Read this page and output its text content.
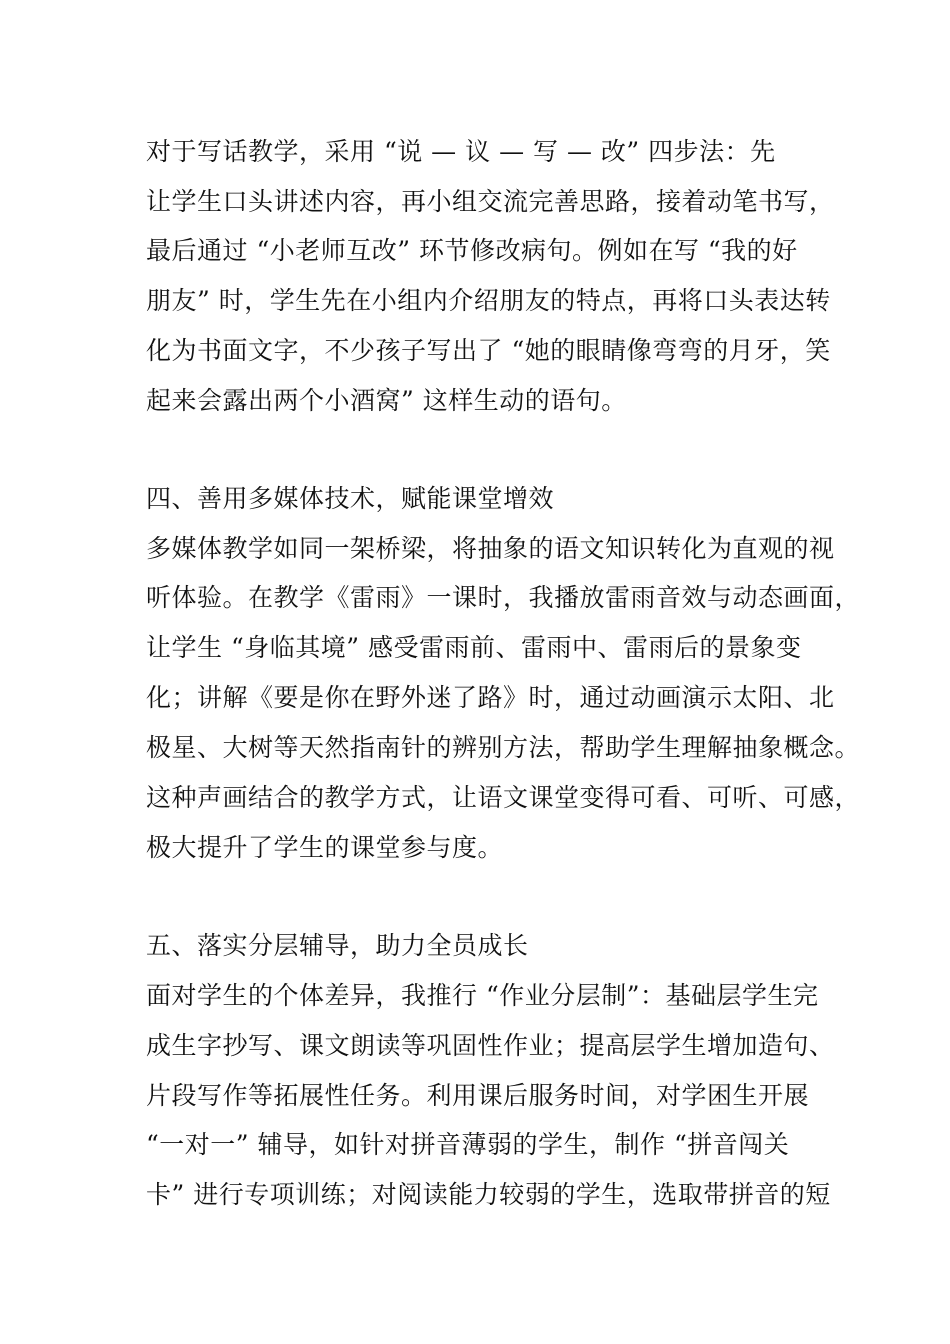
对于写话教学，采用 “说 — 议 — 写 — 改” 四步法：先
让学生口头讲述内容，再小组交流完善思路，接着动笔书写，
最后通过 “小老师互改” 环节修改病句。例如在写 “我的好
朋友” 时，学生先在小组内介绍朋友的特点，再将口头表达转
化为书面文字，不少孩子写出了 “她的眼睛像弯弯的月牙，笑
起来会露出两个小酒窝” 这样生动的语句。
四、善用多媒体技术，赋能课堂增效
多媒体教学如同一架桥梁，将抽象的语文知识转化为直观的视
听体验。在教学《雷雨》一课时，我播放雷雨音效与动态画面，
让学生 “身临其境” 感受雷雨前、雷雨中、雷雨后的景象变
化；讲解《要是你在野外迷了路》时，通过动画演示太阳、北
极星、大树等天然指南针的辨别方法，帮助学生理解抽象概念。
这种声画结合的教学方式，让语文课堂变得可看、可听、可感，
极大提升了学生的课堂参与度。
五、落实分层辅导，助力全员成长
面对学生的个体差异，我推行 “作业分层制”：基础层学生完
成生字抄写、课文朗读等巩固性作业；提高层学生增加造句、
片段写作等拓展性任务。利用课后服务时间，对学困生开展
“一对一” 辅导，如针对拼音薄弱的学生，制作 “拼音闯关
卡” 进行专项训练；对阅读能力较弱的学生，选取带拼音的短
